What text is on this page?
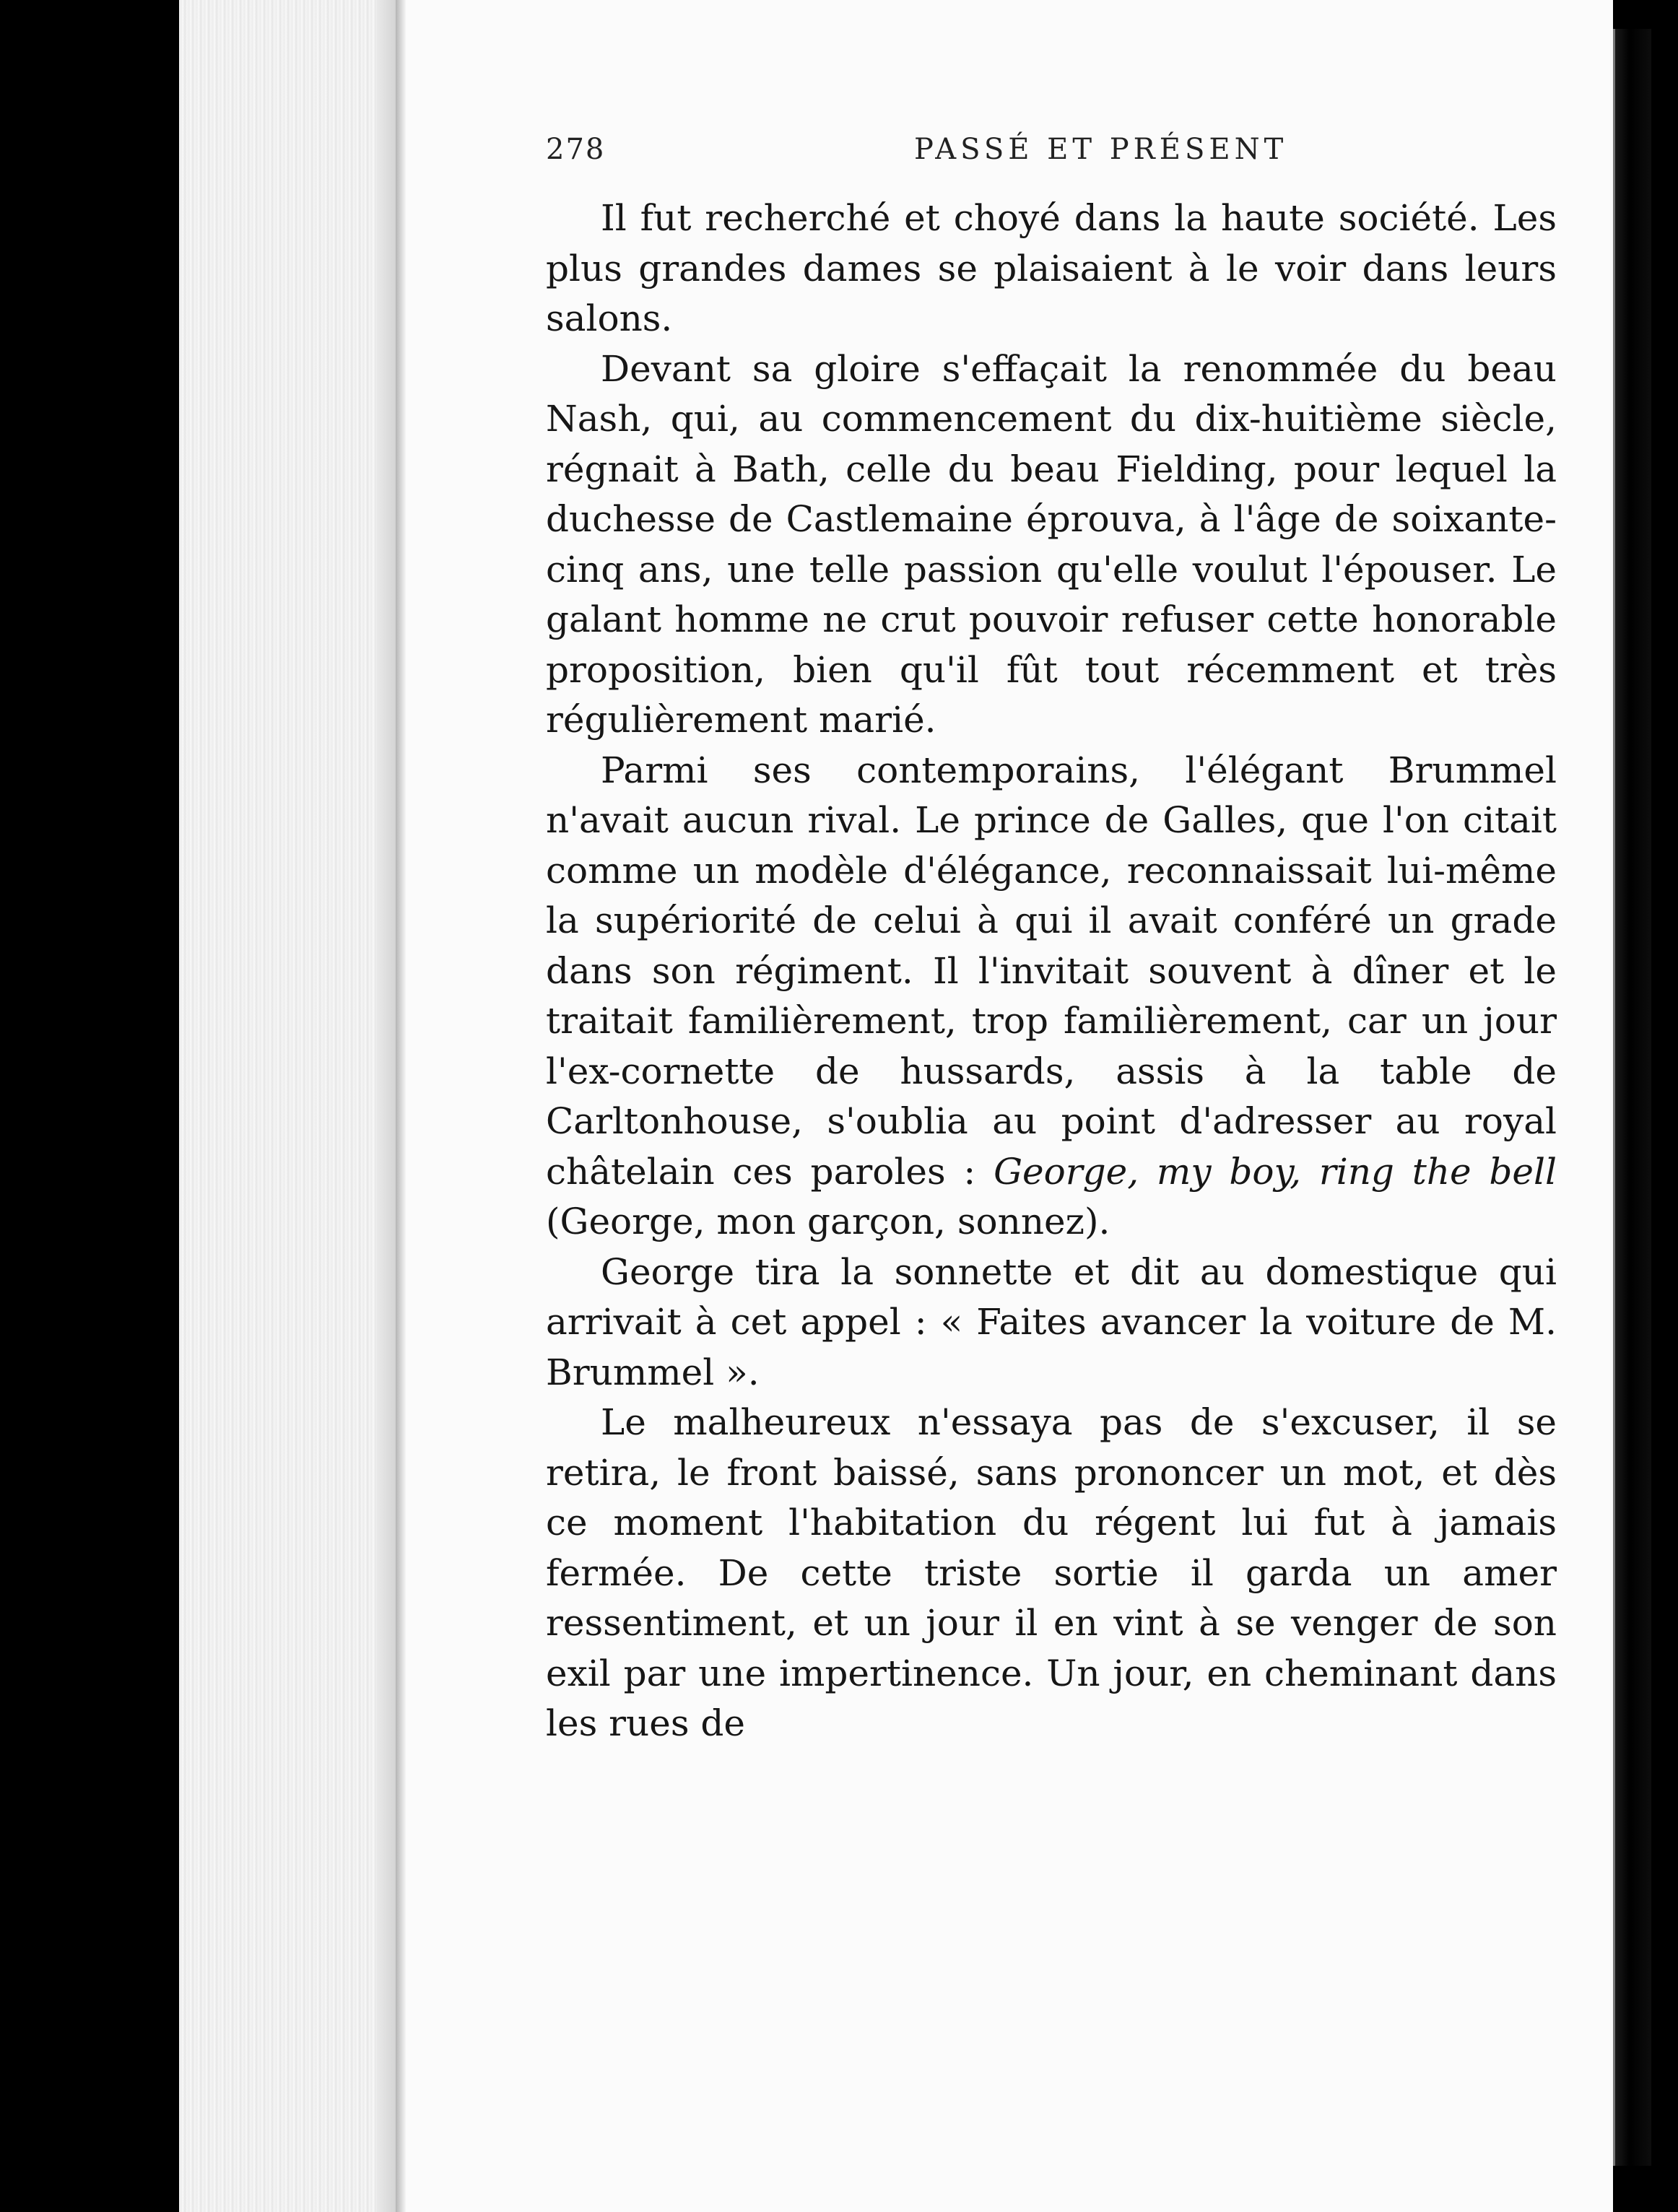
278	PASSÉ ET PRÉSENT

Il fut recherché et choyé dans la haute société. Les plus grandes dames se plaisaient à le voir dans leurs salons.

Devant sa gloire s'effaçait la renommée du beau Nash, qui, au commencement du dix-huitième siècle, régnait à Bath, celle du beau Fielding, pour lequel la duchesse de Castlemaine éprouva, à l'âge de soixante-cinq ans, une telle passion qu'elle voulut l'épouser. Le galant homme ne crut pouvoir refuser cette honorable proposition, bien qu'il fût tout récemment et très régulièrement marié.

Parmi ses contemporains, l'élégant Brummel n'avait aucun rival. Le prince de Galles, que l'on citait comme un modèle d'élégance, reconnaissait lui-même la supériorité de celui à qui il avait conféré un grade dans son régiment. Il l'invitait souvent à dîner et le traitait familièrement, trop familièrement, car un jour l'ex-cornette de hussards, assis à la table de Carltonhouse, s'oublia au point d'adresser au royal châtelain ces paroles : George, my boy, ring the bell (George, mon garçon, sonnez).

George tira la sonnette et dit au domestique qui arrivait à cet appel : « Faites avancer la voiture de M. Brummel ».

Le malheureux n'essaya pas de s'excuser, il se retira, le front baissé, sans prononcer un mot, et dès ce moment l'habitation du régent lui fut à jamais fermée. De cette triste sortie il garda un amer ressentiment, et un jour il en vint à se venger de son exil par une impertinence. Un jour, en cheminant dans les rues de
